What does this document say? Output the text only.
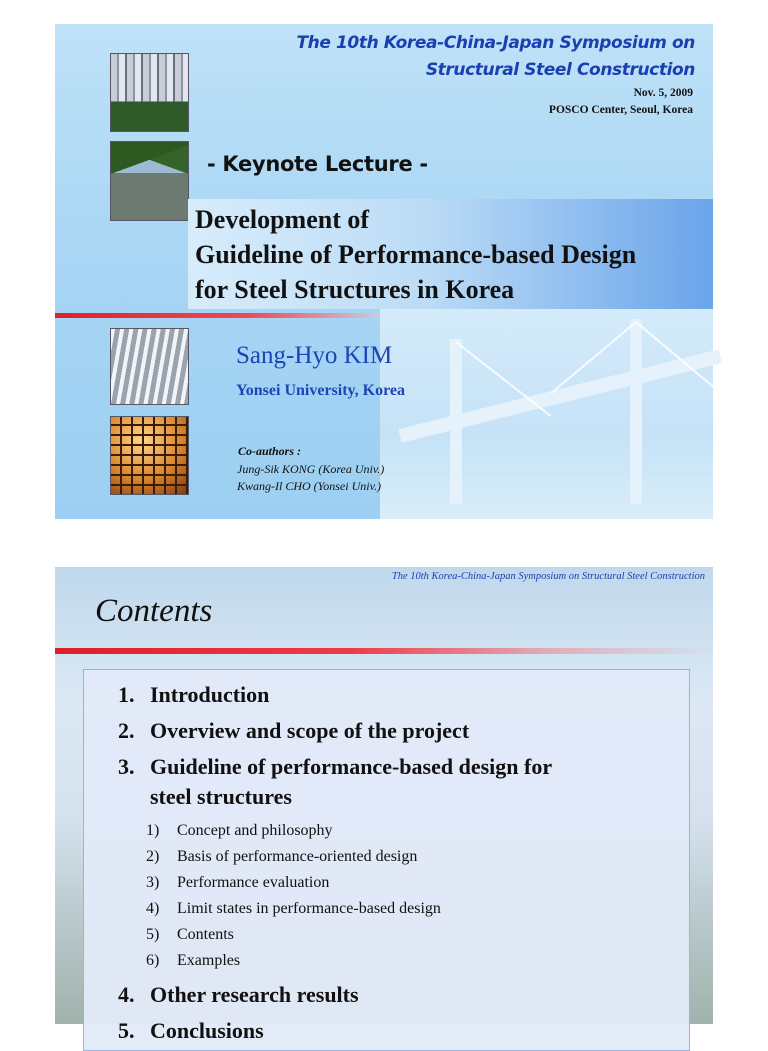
The 10th Korea-China-Japan Symposium on
Structural Steel Construction
Nov. 5, 2009
POSCO Center, Seoul, Korea
- Keynote Lecture -
Development of
Guideline of Performance-based Design
for Steel Structures in Korea
Sang-Hyo KIM
Yonsei University, Korea
Co-authors :
Jung-Sik KONG (Korea Univ.)
Kwang-Il CHO (Yonsei Univ.)
The 10th Korea-China-Japan Symposium on Structural Steel Construction
Contents
1. Introduction
2. Overview and scope of the project
3. Guideline of performance-based design for
steel structures
1)	Concept and philosophy
2)	Basis of performance-oriented design
3)	Performance evaluation
4)	Limit states in performance-based design
5)	Contents
6)	Examples
4. Other research results
5. Conclusions
